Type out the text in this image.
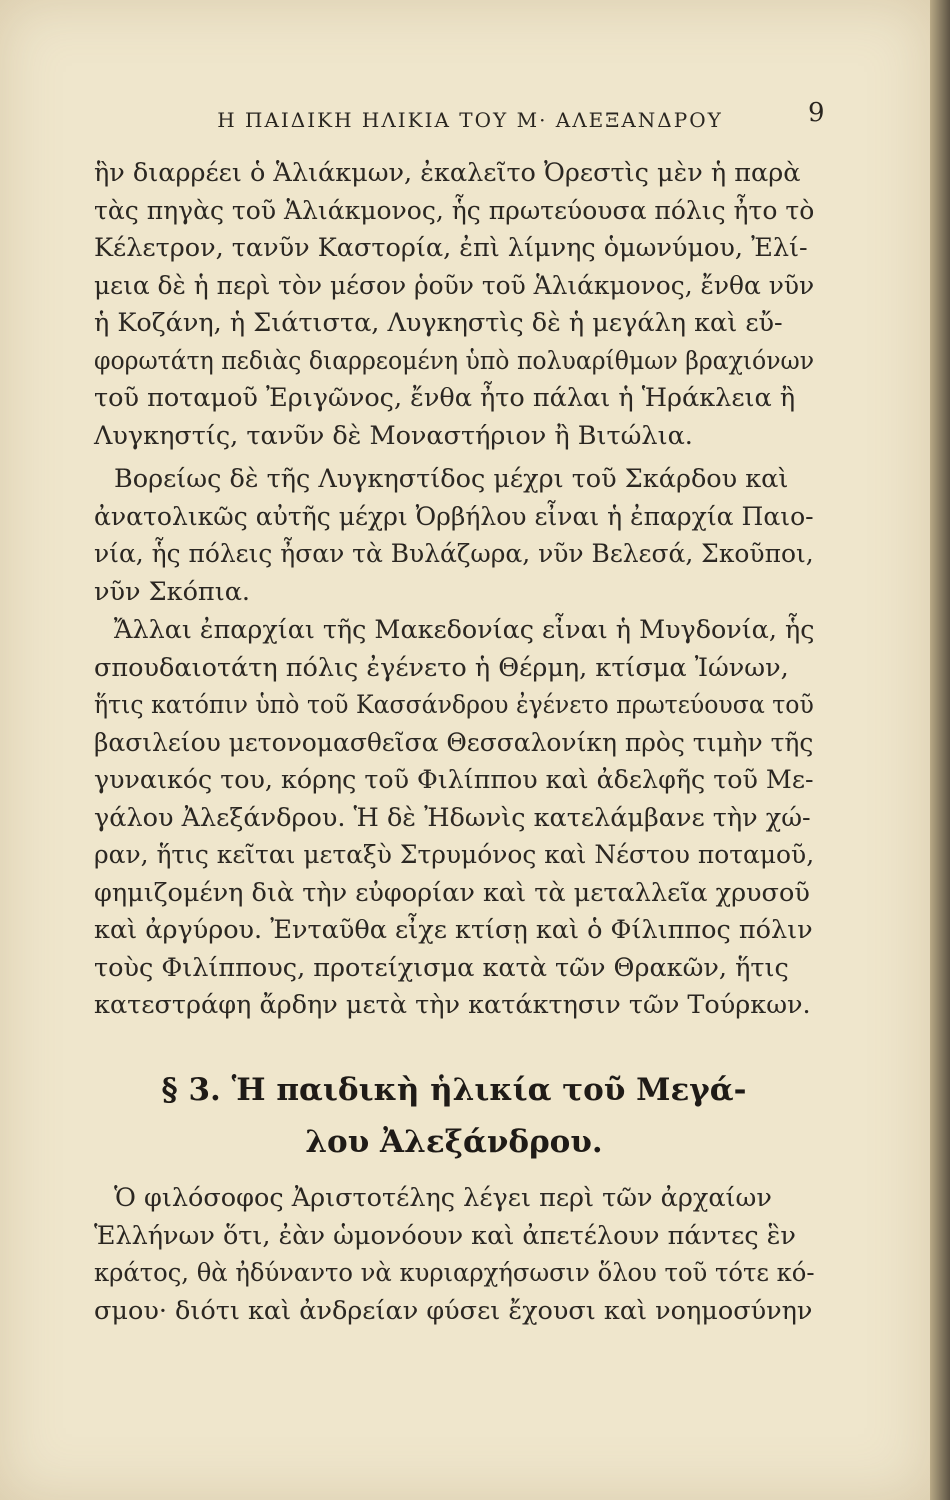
Η ΠΑΙΔΙΚΗ ΗΛΙΚΙΑ ΤΟΥ Μ· ΑΛΕΞΑΝΔΡΟΥ	9
ἣν διαρρέει ὁ Ἁλιάκμων, ἐκαλεῖτο Ὀρεστὶς μὲν ἡ παρὰ
τὰς πηγὰς τοῦ Ἁλιάκμονος, ἧς πρωτεύουσα πόλις ἦτο τὸ
Κέλετρον, τανῦν Καστορία, ἐπὶ λίμνης ὁμωνύμου, Ἐλί-
μεια δὲ ἡ περὶ τὸν μέσον ῥοῦν τοῦ Ἁλιάκμονος, ἔνθα νῦν
ἡ Κοζάνη, ἡ Σιάτιστα, Λυγκηστὶς δὲ ἡ μεγάλη καὶ εὔ-
φορωτάτη πεδιὰς διαρρεομένη ὑπὸ πολυαρίθμων βραχιόνων
τοῦ ποταμοῦ Ἐριγῶνος, ἔνθα ἦτο πάλαι ἡ Ἡράκλεια ἢ
Λυγκηστίς, τανῦν δὲ Μοναστήριον ἢ Βιτώλια.
Βορείως δὲ τῆς Λυγκηστίδος μέχρι τοῦ Σκάρδου καὶ
ἀνατολικῶς αὐτῆς μέχρι Ὀρβήλου εἶναι ἡ ἐπαρχία Παιο-
νία, ἧς πόλεις ἦσαν τὰ Βυλάζωρα, νῦν Βελεσά, Σκοῦποι,
νῦν Σκόπια.
Ἄλλαι ἐπαρχίαι τῆς Μακεδονίας εἶναι ἡ Μυγδονία, ἧς
σπουδαιοτάτη πόλις ἐγένετο ἡ Θέρμη, κτίσμα Ἰώνων,
ἥτις κατόπιν ὑπὸ τοῦ Κασσάνδρου ἐγένετο πρωτεύουσα τοῦ
βασιλείου μετονομασθεῖσα Θεσσαλονίκη πρὸς τιμὴν τῆς
γυναικός του, κόρης τοῦ Φιλίππου καὶ ἀδελφῆς τοῦ Με-
γάλου Ἀλεξάνδρου. Ἡ δὲ Ἠδωνὶς κατελάμβανε τὴν χώ-
ραν, ἥτις κεῖται μεταξὺ Στρυμόνος καὶ Νέστου ποταμοῦ,
φημιζομένη διὰ τὴν εὐφορίαν καὶ τὰ μεταλλεῖα χρυσοῦ
καὶ ἀργύρου. Ἐνταῦθα εἶχε κτίσῃ καὶ ὁ Φίλιππος πόλιν
τοὺς Φιλίππους, προτείχισμα κατὰ τῶν Θρακῶν, ἥτις
κατεστράφη ἄρδην μετὰ τὴν κατάκτησιν τῶν Τούρκων.
§ 3. Ἡ παιδικὴ ἡλικία τοῦ Μεγά-
λου Ἀλεξάνδρου.
Ὁ φιλόσοφος Ἀριστοτέλης λέγει περὶ τῶν ἀρχαίων
Ἑλλήνων ὅτι, ἐὰν ὡμονόουν καὶ ἀπετέλουν πάντες ἓν
κράτος, θὰ ἠδύναντο νὰ κυριαρχήσωσιν ὅλου τοῦ τότε κό-
σμου· διότι καὶ ἀνδρείαν φύσει ἔχουσι καὶ νοημοσύνην
